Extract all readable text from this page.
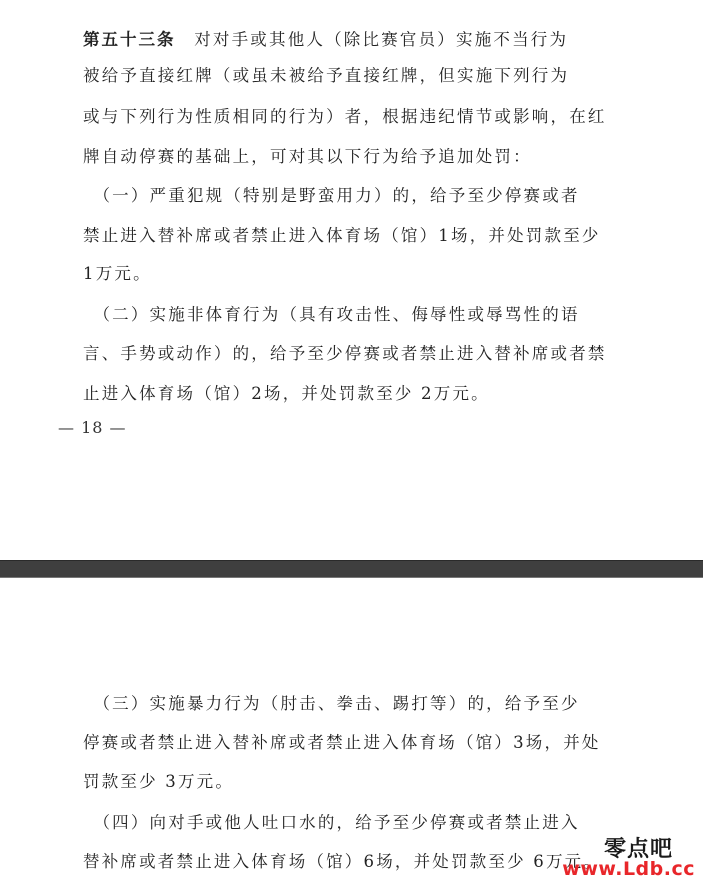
第五十三条　对对手或其他人（除比赛官员）实施不当行为
被给予直接红牌（或虽未被给予直接红牌，但实施下列行为
或与下列行为性质相同的行为）者，根据违纪情节或影响，在红
牌自动停赛的基础上，可对其以下行为给予追加处罚：
　（一）严重犯规（特别是野蛮用力）的，给予至少停赛或者
禁止进入替补席或者禁止进入体育场（馆）1场，并处罚款至少
1万元。
　（二）实施非体育行为（具有攻击性、侮辱性或辱骂性的语
言、手势或动作）的，给予至少停赛或者禁止进入替补席或者禁
止进入体育场（馆）2场，并处罚款至少 2万元。
— 18 —
　（三）实施暴力行为（肘击、拳击、踢打等）的，给予至少
停赛或者禁止进入替补席或者禁止进入体育场（馆）3场，并处
罚款至少 3万元。
　（四）向对手或他人吐口水的，给予至少停赛或者禁止进入
替补席或者禁止进入体育场（馆）6场，并处罚款至少 6万元。 零点吧
www.Ldb.cc
